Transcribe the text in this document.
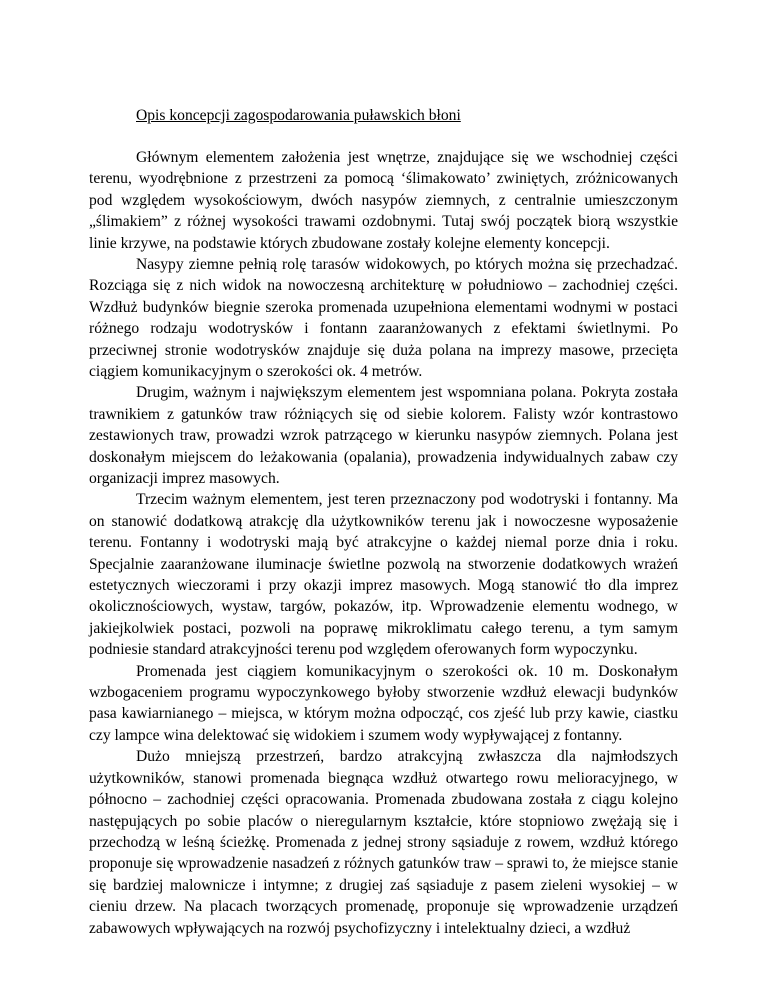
Opis koncepcji zagospodarowania puławskich błoni

Głównym elementem założenia jest wnętrze, znajdujące się we wschodniej części terenu, wyodrębnione z przestrzeni za pomocą ‘ślimakowato’ zwiniętych, zróżnicowanych pod względem wysokościowym, dwóch nasypów ziemnych, z centralnie umieszczonym „ślimakiem” z różnej wysokości trawami ozdobnymi. Tutaj swój początek biorą wszystkie linie krzywe, na podstawie których zbudowane zostały kolejne elementy koncepcji.

Nasypy ziemne pełnią rolę tarasów widokowych, po których można się przechadzać. Rozciąga się z nich widok na nowoczesną architekturę w południowo – zachodniej części. Wzdłuż budynków biegnie szeroka promenada uzupełniona elementami wodnymi w postaci różnego rodzaju wodotrysków i fontann zaaranżowanych z efektami świetlnymi. Po przeciwnej stronie wodotrysków znajduje się duża polana na imprezy masowe, przecięta ciągiem komunikacyjnym o szerokości ok. 4 metrów.

Drugim, ważnym i największym elementem jest wspomniana polana. Pokryta została trawnikiem z gatunków traw różniących się od siebie kolorem. Falisty wzór kontrastowo zestawionych traw, prowadzi wzrok patrzącego w kierunku nasypów ziemnych. Polana jest doskonałym miejscem do leżakowania (opalania), prowadzenia indywidualnych zabaw czy organizacji imprez masowych.

Trzecim ważnym elementem, jest teren przeznaczony pod wodotryski i fontanny. Ma on stanowić dodatkową atrakcję dla użytkowników terenu jak i nowoczesne wyposażenie terenu. Fontanny i wodotryski mają być atrakcyjne o każdej niemal porze dnia i roku. Specjalnie zaaranżowane iluminacje świetlne pozwolą na stworzenie dodatkowych wrażeń estetycznych wieczorami i przy okazji imprez masowych. Mogą stanowić tło dla imprez okolicznościowych, wystaw, targów, pokazów, itp. Wprowadzenie elementu wodnego, w jakiejkolwiek postaci, pozwoli na poprawę mikroklimatu całego terenu, a tym samym podniesie standard atrakcyjności terenu pod względem oferowanych form wypoczynku.

Promenada jest ciągiem komunikacyjnym o szerokości ok. 10 m. Doskonałym wzbogaceniem programu wypoczynkowego byłoby stworzenie wzdłuż elewacji budynków pasa kawiarnianego – miejsca, w którym można odpocząć, cos zjeść lub przy kawie, ciastku czy lampce wina delektować się widokiem i szumem wody wypływającej z fontanny.

Dużo mniejszą przestrzeń, bardzo atrakcyjną zwłaszcza dla najmłodszych użytkowników, stanowi promenada biegnąca wzdłuż otwartego rowu melioracyjnego, w północno – zachodniej części opracowania. Promenada zbudowana została z ciągu kolejno następujących po sobie placów o nieregularnym kształcie, które stopniowo zwężają się i przechodzą w leśną ścieżkę. Promenada z jednej strony sąsiaduje z rowem, wzdłuż którego proponuje się wprowadzenie nasadzeń z różnych gatunków traw – sprawi to, że miejsce stanie się bardziej malownicze i intymne; z drugiej zaś sąsiaduje z pasem zieleni wysokiej – w cieniu drzew. Na placach tworzących promenadę, proponuje się wprowadzenie urządzeń zabawowych wpływających na rozwój psychofizyczny i intelektualny dzieci, a wzdłuż
